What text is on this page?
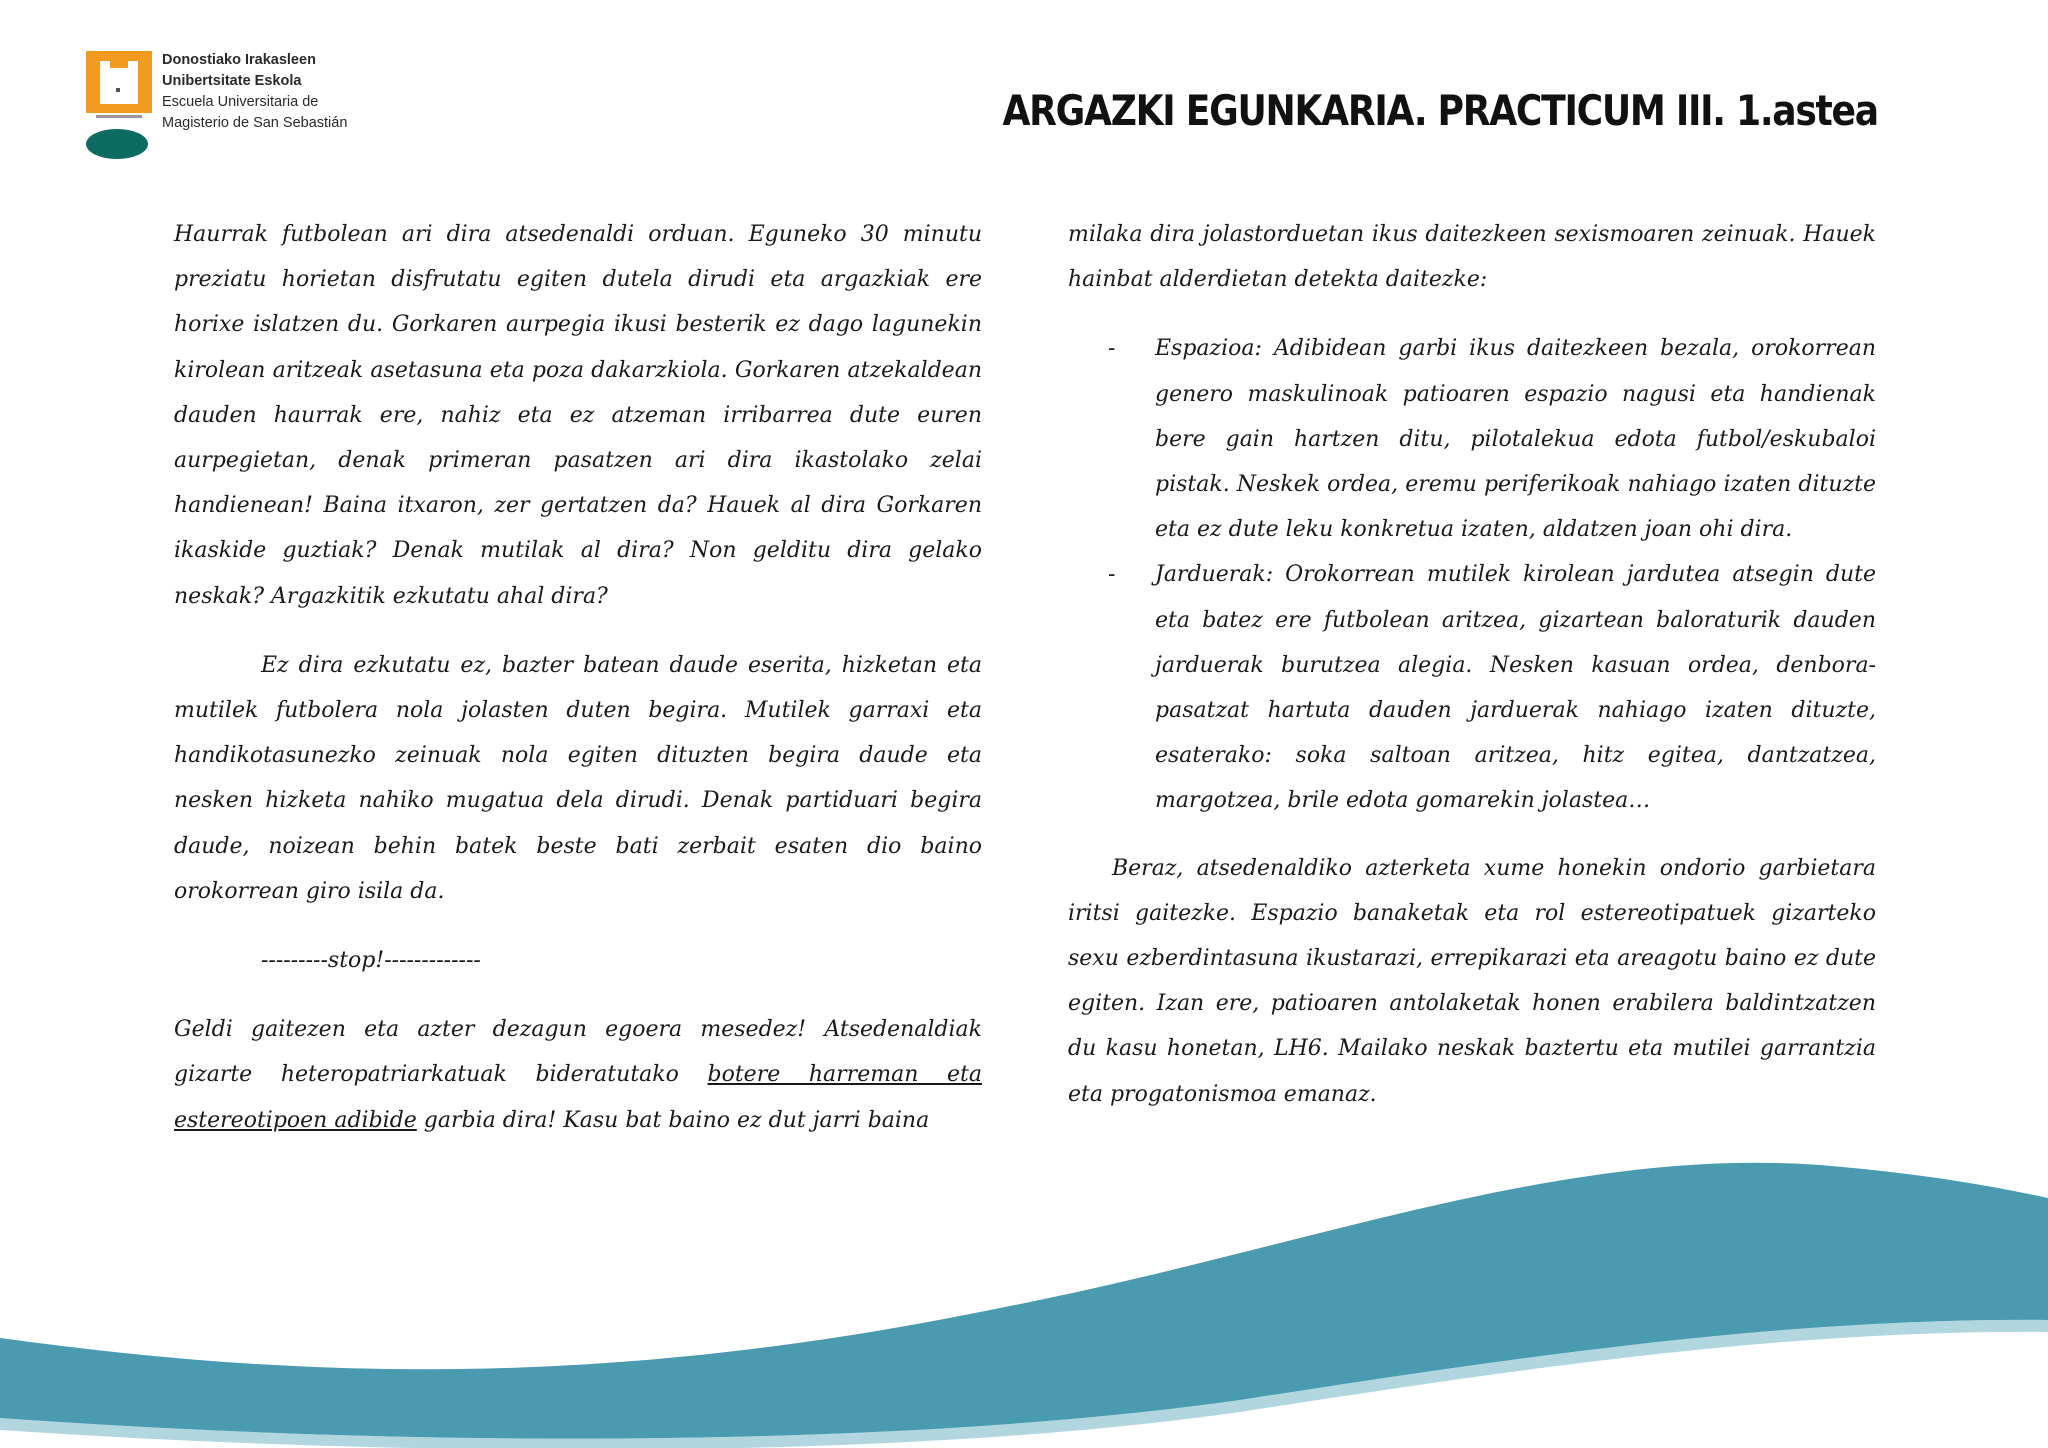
Donostiako Irakasleen
Unibertsitate Eskola
Escuela Universitaria de
Magisterio de San Sebastián	ARGAZKI EGUNKARIA. PRACTICUM III. 1.astea

Haurrak futbolean ari dira atsedenaldi orduan. Eguneko 30 minutu preziatu horietan disfrutatu egiten dutela dirudi eta argazkiak ere horixe islatzen du. Gorkaren aurpegia ikusi besterik ez dago lagunekin kirolean aritzeak asetasuna eta poza dakarzkiola. Gorkaren atzekaldean dauden haurrak ere, nahiz eta ez atzeman irribarrea dute euren aurpegietan, denak primeran pasatzen ari dira ikastolako zelai handienean! Baina itxaron, zer gertatzen da? Hauek al dira Gorkaren ikaskide guztiak? Denak mutilak al dira? Non gelditu dira gelako neskak? Argazkitik ezkutatu ahal dira?

Ez dira ezkutatu ez, bazter batean daude eserita, hizketan eta mutilek futbolera nola jolasten duten begira. Mutilek garraxi eta handikotasunezko zeinuak nola egiten dituzten begira daude eta nesken hizketa nahiko mugatua dela dirudi. Denak partiduari begira daude, noizean behin batek beste bati zerbait esaten dio baino orokorrean giro isila da.

---------stop!-------------

Geldi gaitezen eta azter dezagun egoera mesedez! Atsedenaldiak gizarte heteropatriarkatuak bideratutako botere harreman eta estereotipoen adibide garbia dira! Kasu bat baino ez dut jarri baina

milaka dira jolastorduetan ikus daitezkeen sexismoaren zeinuak. Hauek hainbat alderdietan detekta daitezke:

- Espazioa: Adibidean garbi ikus daitezkeen bezala, orokorrean genero maskulinoak patioaren espazio nagusi eta handienak bere gain hartzen ditu, pilotalekua edota futbol/eskubaloi pistak. Neskek ordea, eremu periferikoak nahiago izaten dituzte eta ez dute leku konkretua izaten, aldatzen joan ohi dira.
- Jarduerak: Orokorrean mutilek kirolean jardutea atsegin dute eta batez ere futbolean aritzea, gizartean baloraturik dauden jarduerak burutzea alegia. Nesken kasuan ordea, denbora-pasatzat hartuta dauden jarduerak nahiago izaten dituzte, esaterako: soka saltoan aritzea, hitz egitea, dantzatzea, margotzea, brile edota gomarekin jolastea…

Beraz, atsedenaldiko azterketa xume honekin ondorio garbietara iritsi gaitezke. Espazio banaketak eta rol estereotipatuek gizarteko sexu ezberdintasuna ikustarazi, errepikarazi eta areagotu baino ez dute egiten. Izan ere, patioaren antolaketak honen erabilera baldintzatzen du kasu honetan, LH6. Mailako neskak baztertu eta mutilei garrantzia eta progatonismoa emanaz.
